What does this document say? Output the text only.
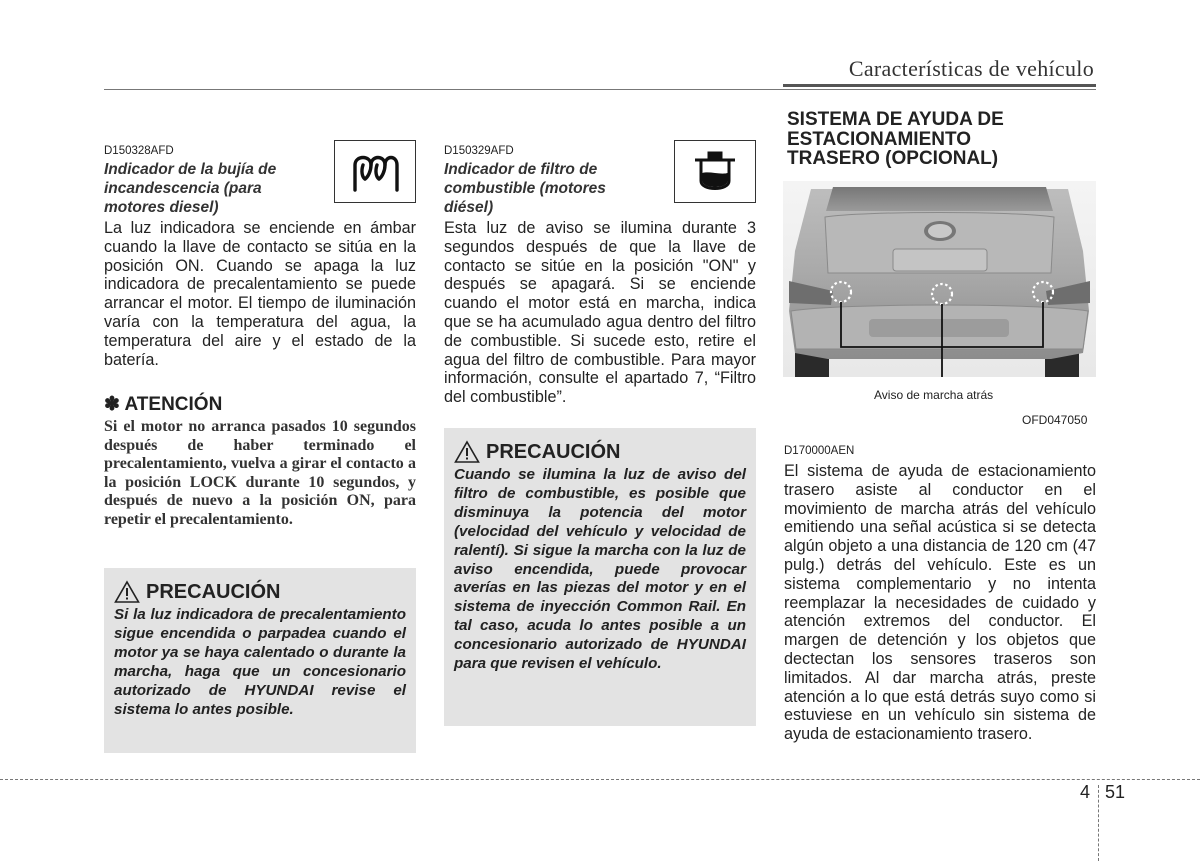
Características de vehículo
D150328AFD
Indicador de la bujía de
incandescencia (para
motores diesel)
La luz indicadora se enciende en ámbar cuando la llave de contacto se sitúa en la posición ON. Cuando se apaga la luz indicadora de precalentamiento se puede arrancar el motor. El tiempo de iluminación varía con la temperatura del agua, la temperatura del aire y el estado de la batería.
✽ ATENCIÓN
Si el motor no arranca pasados 10 segundos después de haber terminado el precalentamiento, vuelva a girar el contacto a la posición LOCK durante 10 segundos, y después de nuevo a la posición ON, para repetir el precalentamiento.
PRECAUCIÓN
Si la luz indicadora de precalentamiento sigue encendida o parpadea cuando el motor ya se haya calentado o durante la marcha, haga que un concesionario autorizado de HYUNDAI revise el sistema lo antes posible.
D150329AFD
Indicador de filtro de
combustible (motores
diésel)
Esta luz de aviso se ilumina durante 3 segundos después de que la llave de contacto se sitúe en la posición "ON" y después se apagará. Si se enciende cuando el motor está en marcha, indica que se ha acumulado agua dentro del filtro de combustible. Si sucede esto, retire el agua del filtro de combustible. Para mayor información, consulte el apartado 7, “Filtro del combustible”.
PRECAUCIÓN
Cuando se ilumina la luz de aviso del filtro de combustible, es posible que disminuya la potencia del motor (velocidad del vehículo y velocidad de ralentí). Si sigue la marcha con la luz de aviso encendida, puede provocar averías en las piezas del motor y en el sistema de inyección Common Rail. En tal caso, acuda lo antes posible a un concesionario autorizado de HYUNDAI para que revisen el vehículo.
SISTEMA DE AYUDA DE
ESTACIONAMIENTO
TRASERO (OPCIONAL)
Aviso de marcha atrás
OFD047050
D170000AEN
El sistema de ayuda de estacionamiento trasero asiste al conductor en el movimiento de marcha atrás del vehículo emitiendo una señal acústica si se detecta algún objeto a una distancia de 120 cm (47 pulg.) detrás del vehículo. Este es un sistema complementario y no intenta reemplazar la necesidades de cuidado y atención extremos del conductor. El margen de detención y los objetos que dectectan los sensores traseros son limitados. Al dar marcha atrás, preste atención a lo que está detrás suyo como si estuviese en un vehículo sin sistema de ayuda de estacionamiento trasero.
4 51
